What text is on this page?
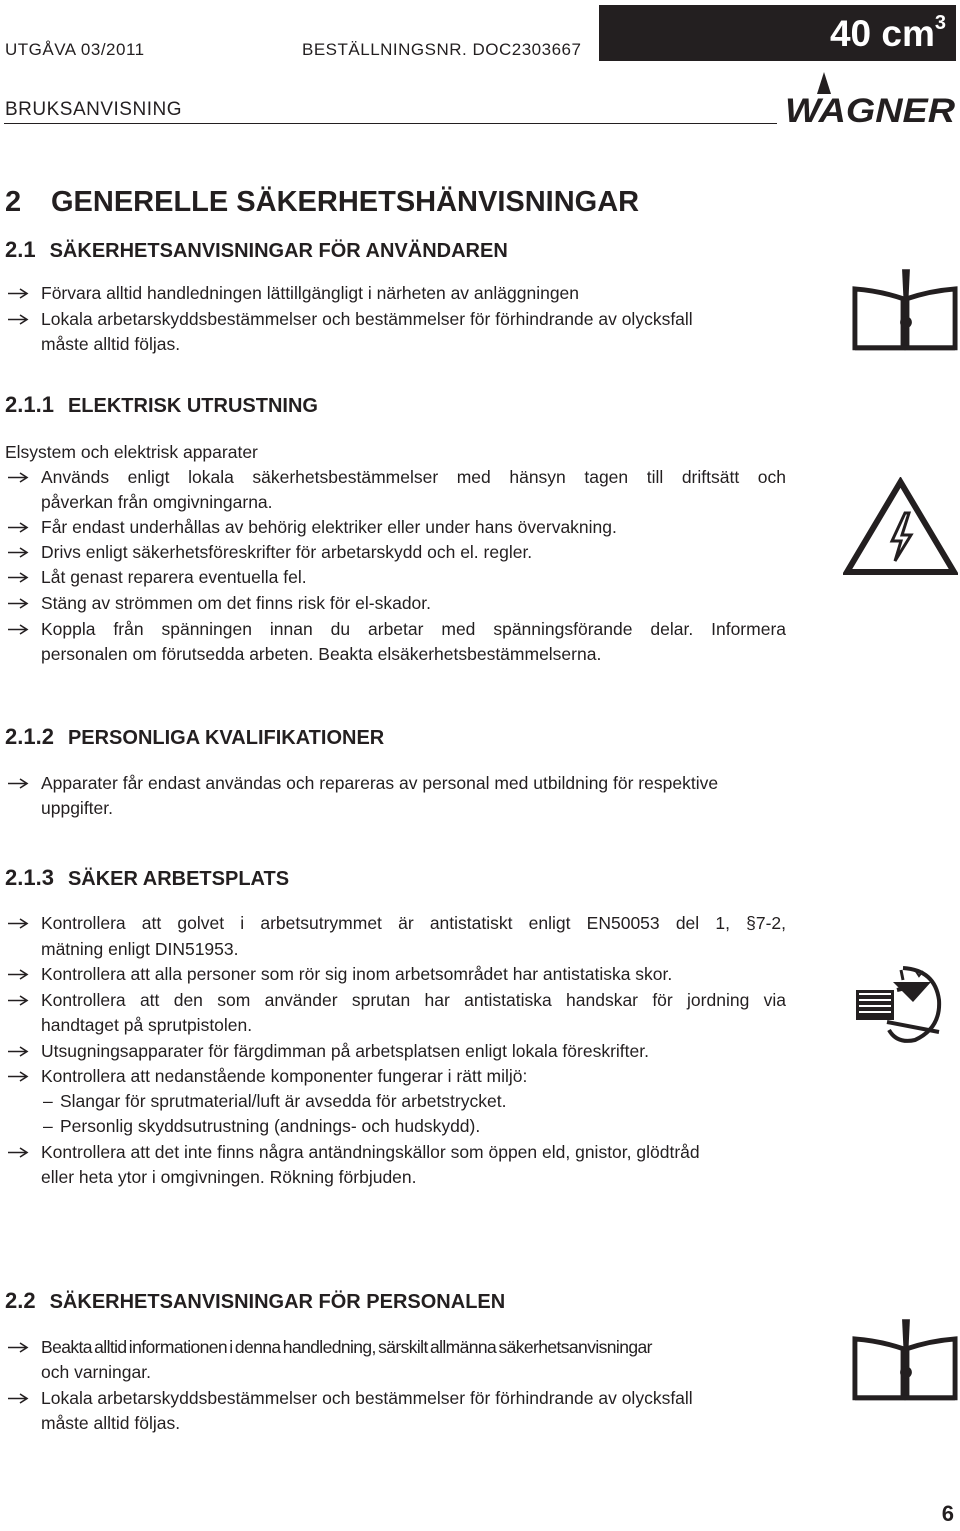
UTGÅVA 03/2011	BESTÄLLNINGSNR. DOC2303667
BRUKSANVISNING
40 $cm^3$
WAGNER
2 GENERELLE SÄKERHETSHÄNVISNINGAR
2.1 SÄKERHETSANVISNINGAR FÖR ANVÄNDAREN
Förvara alltid handledningen lättillgängligt i närheten av anläggningen
Lokala arbetarskyddsbestämmelser och bestämmelser för förhindrande av olycksfall
måste alltid följas.
2.1.1 ELEKTRISK UTRUSTNING
Elsystem och elektrisk apparater
Används enligt lokala säkerhetsbestämmelser med hänsyn tagen till driftsätt och
påverkan från omgivningarna.
Får endast underhållas av behörig elektriker eller under hans övervakning.
Drivs enligt säkerhetsföreskrifter för arbetarskydd och el. regler.
Låt genast reparera eventuella fel.
Stäng av strömmen om det finns risk för el-skador.
Koppla från spänningen innan du arbetar med spänningsförande delar. Informera
personalen om förutsedda arbeten. Beakta elsäkerhetsbestämmelserna.
2.1.2 PERSONLIGA KVALIFIKATIONER
Apparater får endast användas och repareras av personal med utbildning för respektive
uppgifter.
2.1.3 SÄKER ARBETSPLATS
Kontrollera att golvet i arbetsutrymmet är antistatiskt enligt EN50053 del 1, §7-2,
mätning enligt DIN51953.
Kontrollera att alla personer som rör sig inom arbetsområdet har antistatiska skor.
Kontrollera att den som använder sprutan har antistatiska handskar för jordning via
handtaget på sprutpistolen.
Utsugningsapparater för färgdimman på arbetsplatsen enligt lokala föreskrifter.
Kontrollera att nedanstående komponenter fungerar i rätt miljö:
– Slangar för sprutmaterial/luft är avsedda för arbetstrycket.
– Personlig skyddsutrustning (andnings- och hudskydd).
Kontrollera att det inte finns några antändningskällor som öppen eld, gnistor, glödtråd
eller heta ytor i omgivningen. Rökning förbjuden.
2.2 SÄKERHETSANVISNINGAR FÖR PERSONALEN
Beakta alltid informationen i denna handledning, särskilt allmänna säkerhetsanvisningar
och varningar.
Lokala arbetarskyddsbestämmelser och bestämmelser för förhindrande av olycksfall
måste alltid följas.
6
